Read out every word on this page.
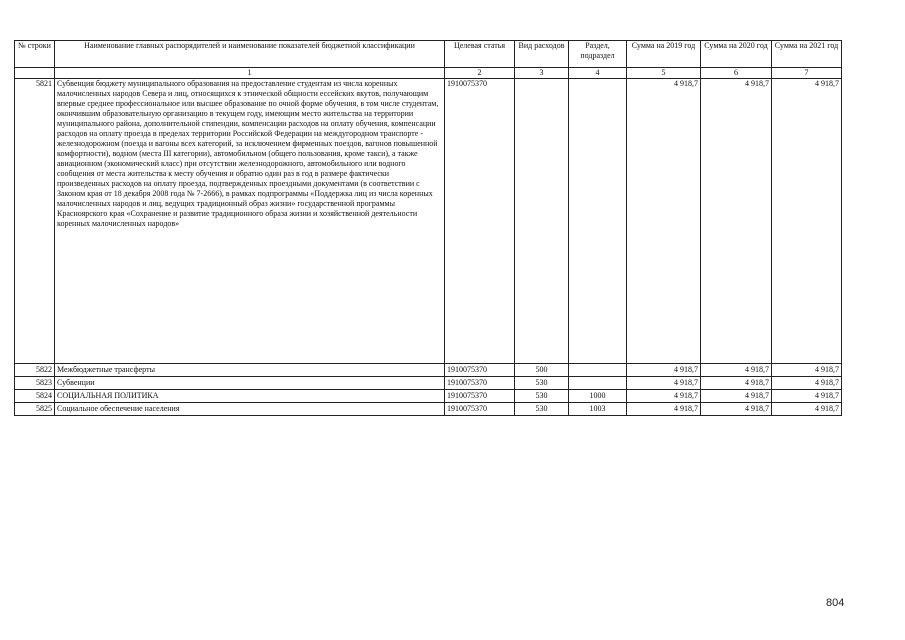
№ строки	Наименование главных распорядителей и наименование показателей бюджетной классификации	Целевая статья	Вид расходов	Раздел, подраздел	Сумма на 2019 год	Сумма на 2020 год	Сумма на 2021 год
	1	2	3	4	5	6	7
5821	Субвенция бюджету муниципального образования на предоставление студентам из числа коренных малочисленных народов Севера и лиц, относящихся к этнической общности ессейских якутов, получающим впервые среднее профессиональное или высшее образование по очной форме обучения, в том числе студентам, окончившим образовательную организацию в текущем году, имеющим место жительства на территории муниципального района, дополнительной стипендии, компенсации расходов на оплату обучения, компенсации расходов на оплату проезда в пределах территории Российской Федерации на междугородном транспорте - железнодорожном (поезда и вагоны всех категорий, за исключением фирменных поездов, вагонов повышенной комфортности), водном (места III категории), автомобильном (общего пользования, кроме такси), а также авиационном (экономический класс) при отсутствии железнодорожного, автомобильного или водного сообщения от места жительства к месту обучения и обратно один раз в год в размере фактически произведенных расходов на оплату проезда, подтвержденных проездными документами (в соответствии с Законом края от 18 декабря 2008 года № 7-2666), в рамках подпрограммы «Поддержка лиц из числа коренных малочисленных народов и лиц, ведущих традиционный образ жизни» государственной программы Красноярского края «Сохранение и развитие традиционного образа жизни и хозяйственной деятельности коренных малочисленных народов»	1910075370			4 918,7	4 918,7	4 918,7
5822	Межбюджетные трансферты	1910075370	500		4 918,7	4 918,7	4 918,7
5823	Субвенции	1910075370	530		4 918,7	4 918,7	4 918,7
5824	СОЦИАЛЬНАЯ ПОЛИТИКА	1910075370	530	1000	4 918,7	4 918,7	4 918,7
5825	Социальное обеспечение населения	1910075370	530	1003	4 918,7	4 918,7	4 918,7
804
